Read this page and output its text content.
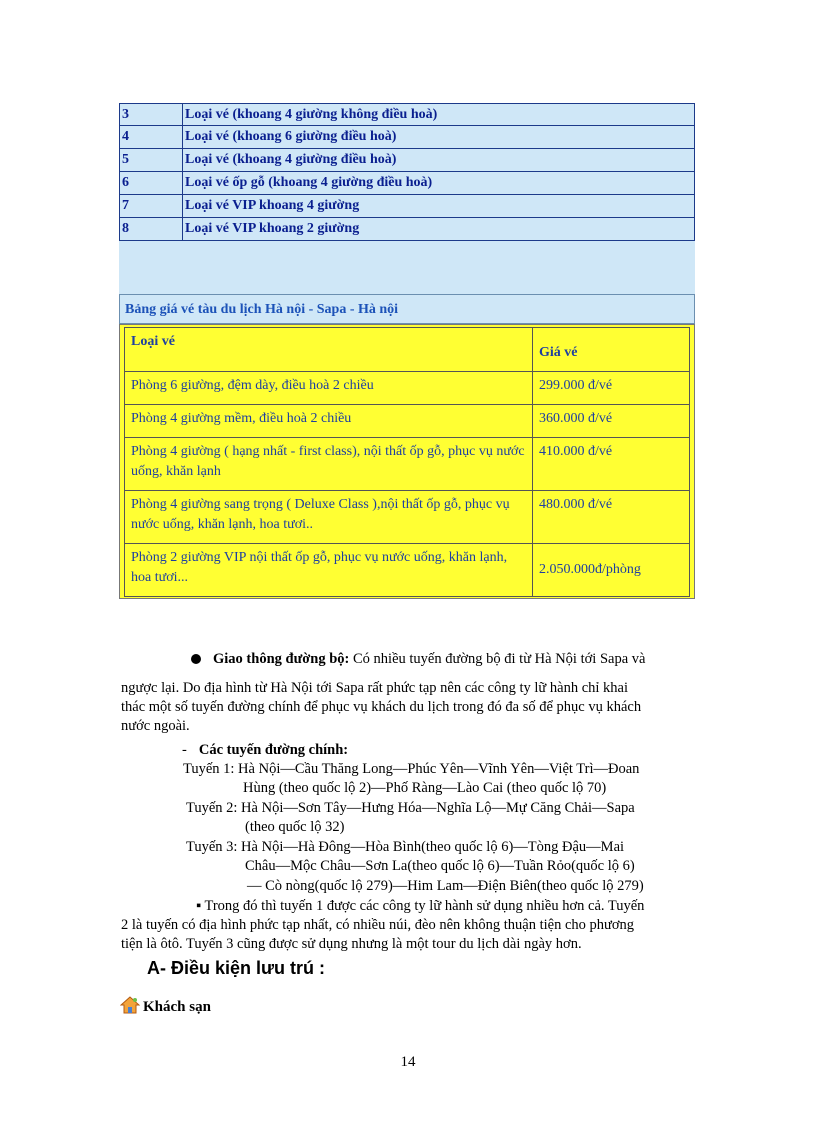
3	Loại vé (khoang 4 giường không điều hoà)
4	Loại vé (khoang 6 giường điều hoà)
5	Loại vé (khoang 4 giường điều hoà)
6	Loại vé ốp gỗ (khoang 4 giường điều hoà)
7	Loại vé VIP khoang 4 giường
8	Loại vé VIP khoang 2 giường
Bảng giá vé tàu du lịch Hà nội - Sapa - Hà nội
Loại vé	Giá vé
Phòng 6 giường, đệm dày, điều hoà 2 chiều	299.000 đ/vé
Phòng 4 giường mềm, điều hoà 2 chiều	360.000 đ/vé
Phòng 4 giường ( hạng nhất - first class), nội thất ốp gỗ, phục vụ nước uống, khăn lạnh	410.000 đ/vé
Phòng 4 giường sang trọng ( Deluxe Class ),nội thất ốp gỗ, phục vụ nước uống, khăn lạnh, hoa tươi..	480.000 đ/vé
Phòng 2 giường VIP nội thất ốp gỗ, phục vụ nước uống, khăn lạnh, hoa tươi...	2.050.000đ/phòng
Giao thông đường bộ: Có nhiều tuyến đường bộ đi từ Hà Nội tới Sapa và
ngược lại. Do địa hình từ Hà Nội tới Sapa rất phức tạp nên các công ty lữ hành chỉ khai
thác một số tuyến đường chính để phục vụ khách du lịch trong đó đa số để phục vụ khách
nước ngoài.
- Các tuyến đường chính:
Tuyến 1: Hà Nội—Cầu Thăng Long—Phúc Yên—Vĩnh Yên—Việt Trì—Đoan
Hùng (theo quốc lộ 2)—Phố Ràng—Lào Cai (theo quốc lộ 70)
Tuyến 2: Hà Nội—Sơn Tây—Hưng Hóa—Nghĩa Lộ—Mự Căng Chải—Sapa
(theo quốc lộ 32)
Tuyến 3: Hà Nội—Hà Đông—Hòa Bình(theo quốc lộ 6)—Tòng Đậu—Mai
Châu—Mộc Châu—Sơn La(theo quốc lộ 6)—Tuần Rỏo(quốc lộ 6)
— Cò nòng(quốc lộ 279)—Him Lam—Điện Biên(theo quốc lộ 279)
▪ Trong đó thì tuyến 1 được các công ty lữ hành sử dụng nhiều hơn cả. Tuyến
2 là tuyến có địa hình phức tạp nhất, có nhiều núi, đèo nên không thuận tiện cho phương
tiện là ôtô. Tuyến 3 cũng được sử dụng nhưng là một tour du lịch dài ngày hơn.
A- Điều kiện lưu trú :
Khách sạn
14
